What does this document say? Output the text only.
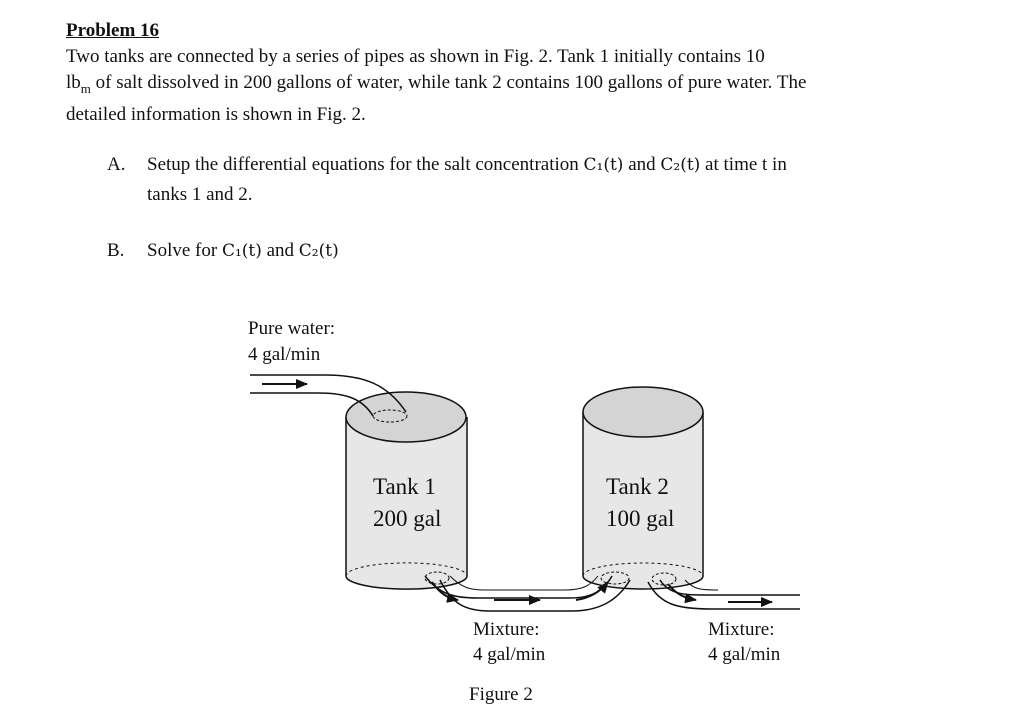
Problem 16
Two tanks are connected by a series of pipes as shown in Fig. 2. Tank 1 initially contains 10
$lb_m$ of salt dissolved in 200 gallons of water, while tank 2 contains 100 gallons of pure water. The
detailed information is shown in Fig. 2.
A. Setup the differential equations for the salt concentration C₁(t) and C₂(t) at time t in
tanks 1 and 2.
B. Solve for C₁(t) and C₂(t)
Pure water:
4 gal/min
Tank 1
200 gal
Tank 2
100 gal
Mixture:
4 gal/min
Mixture:
4 gal/min
Figure 2
